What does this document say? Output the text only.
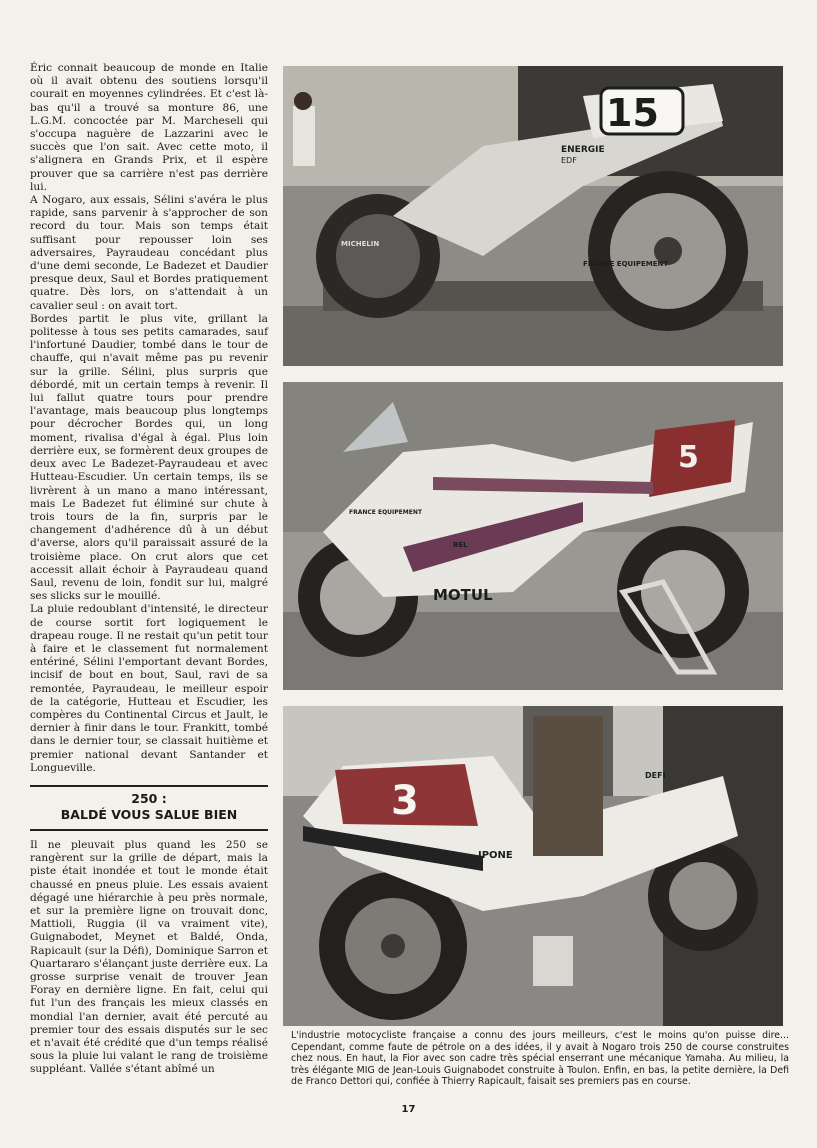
Éric connait beaucoup de monde en Italie où il avait obtenu des soutiens lorsqu'il courait en moyennes cylindrées. Et c'est là-bas qu'il a trouvé sa monture 86, une L.G.M. concoctée par M. Marcheseli qui s'occupa naguère de Lazzarini avec le succès que l'on sait. Avec cette moto, il s'alignera en Grands Prix, et il espère prouver que sa carrière n'est pas derrière lui.

A Nogaro, aux essais, Sélini s'avéra le plus rapide, sans parvenir à s'approcher de son record du tour. Mais son temps était suffisant pour repousser loin ses adversaires, Payraudeau concédant plus d'une demi seconde, Le Badezet et Daudier presque deux, Saul et Bordes pratiquement quatre. Dès lors, on s'attendait à un cavalier seul : on avait tort.

Bordes partit le plus vite, grillant la politesse à tous ses petits camarades, sauf l'infortuné Daudier, tombé dans le tour de chauffe, qui n'avait même pas pu revenir sur la grille. Sélini, plus surpris que débordé, mit un certain temps à revenir. Il lui fallut quatre tours pour prendre l'avantage, mais beaucoup plus longtemps pour décrocher Bordes qui, un long moment, rivalisa d'égal à égal. Plus loin derrière eux, se formèrent deux groupes de deux avec Le Badezet-Payraudeau et avec Hutteau-Escudier. Un certain temps, ils se livrèrent à un mano a mano intéressant, mais Le Badezet fut éliminé sur chute à trois tours de la fin, surpris par le changement d'adhérence dû à un début d'averse, alors qu'il paraissait assuré de la troisième place. On crut alors que cet accessit allait échoir à Payraudeau quand Saul, revenu de loin, fondit sur lui, malgré ses slicks sur le mouillé.

La pluie redoublant d'intensité, le directeur de course sortit fort logiquement le drapeau rouge. Il ne restait qu'un petit tour à faire et le classement fut normalement entériné, Sélini l'emportant devant Bordes, incisif de bout en bout, Saul, ravi de sa remontée, Payraudeau, le meilleur espoir de la catégorie, Hutteau et Escudier, les compères du Continental Circus et Jault, le dernier à finir dans le tour. Frankitt, tombé dans le dernier tour, se classait huitième et premier national devant Santander et Longueville.

250 :
BALDÉ VOUS SALUE BIEN

Il ne pleuvait plus quand les 250 se rangèrent sur la grille de départ, mais la piste était inondée et tout le monde était chaussé en pneus pluie. Les essais avaient dégagé une hiérarchie à peu près normale, et sur la première ligne on trouvait donc, Mattioli, Ruggia (il va vraiment vite), Guignabodet, Meynet et Baldé, Onda, Rapicault (sur la Défi), Dominique Sarron et Quartararo s'élançant juste derrière eux. La grosse surprise venait de trouver Jean Foray en dernière ligne. En fait, celui qui fut l'un des français les mieux classés en mondial l'an dernier, avait été percuté au premier tour des essais disputés sur le sec et n'avait été crédité que d'un temps réalisé sous la pluie lui valant le rang de troisième suppléant. Vallée s'étant abîmé un

15
ENERGIE
EDF
FRANCE EQUIPEMENT
MICHELIN
5
MOTUL
FRANCE EQUIPEMENT
BEL
3
IPONE
DEFI
L'industrie motocycliste française a connu des jours meilleurs, c'est le moins qu'on puisse dire... Cependant, comme faute de pétrole on a des idées, il y avait à Nogaro trois 250 de course construites chez nous. En haut, la Fior avec son cadre très spécial enserrant une mécanique Yamaha. Au milieu, la très élégante MIG de Jean-Louis Guignabodet construite à Toulon. Enfin, en bas, la petite dernière, la Defi de Franco Dettori qui, confiée à Thierry Rapicault, faisait ses premiers pas en course.
17
